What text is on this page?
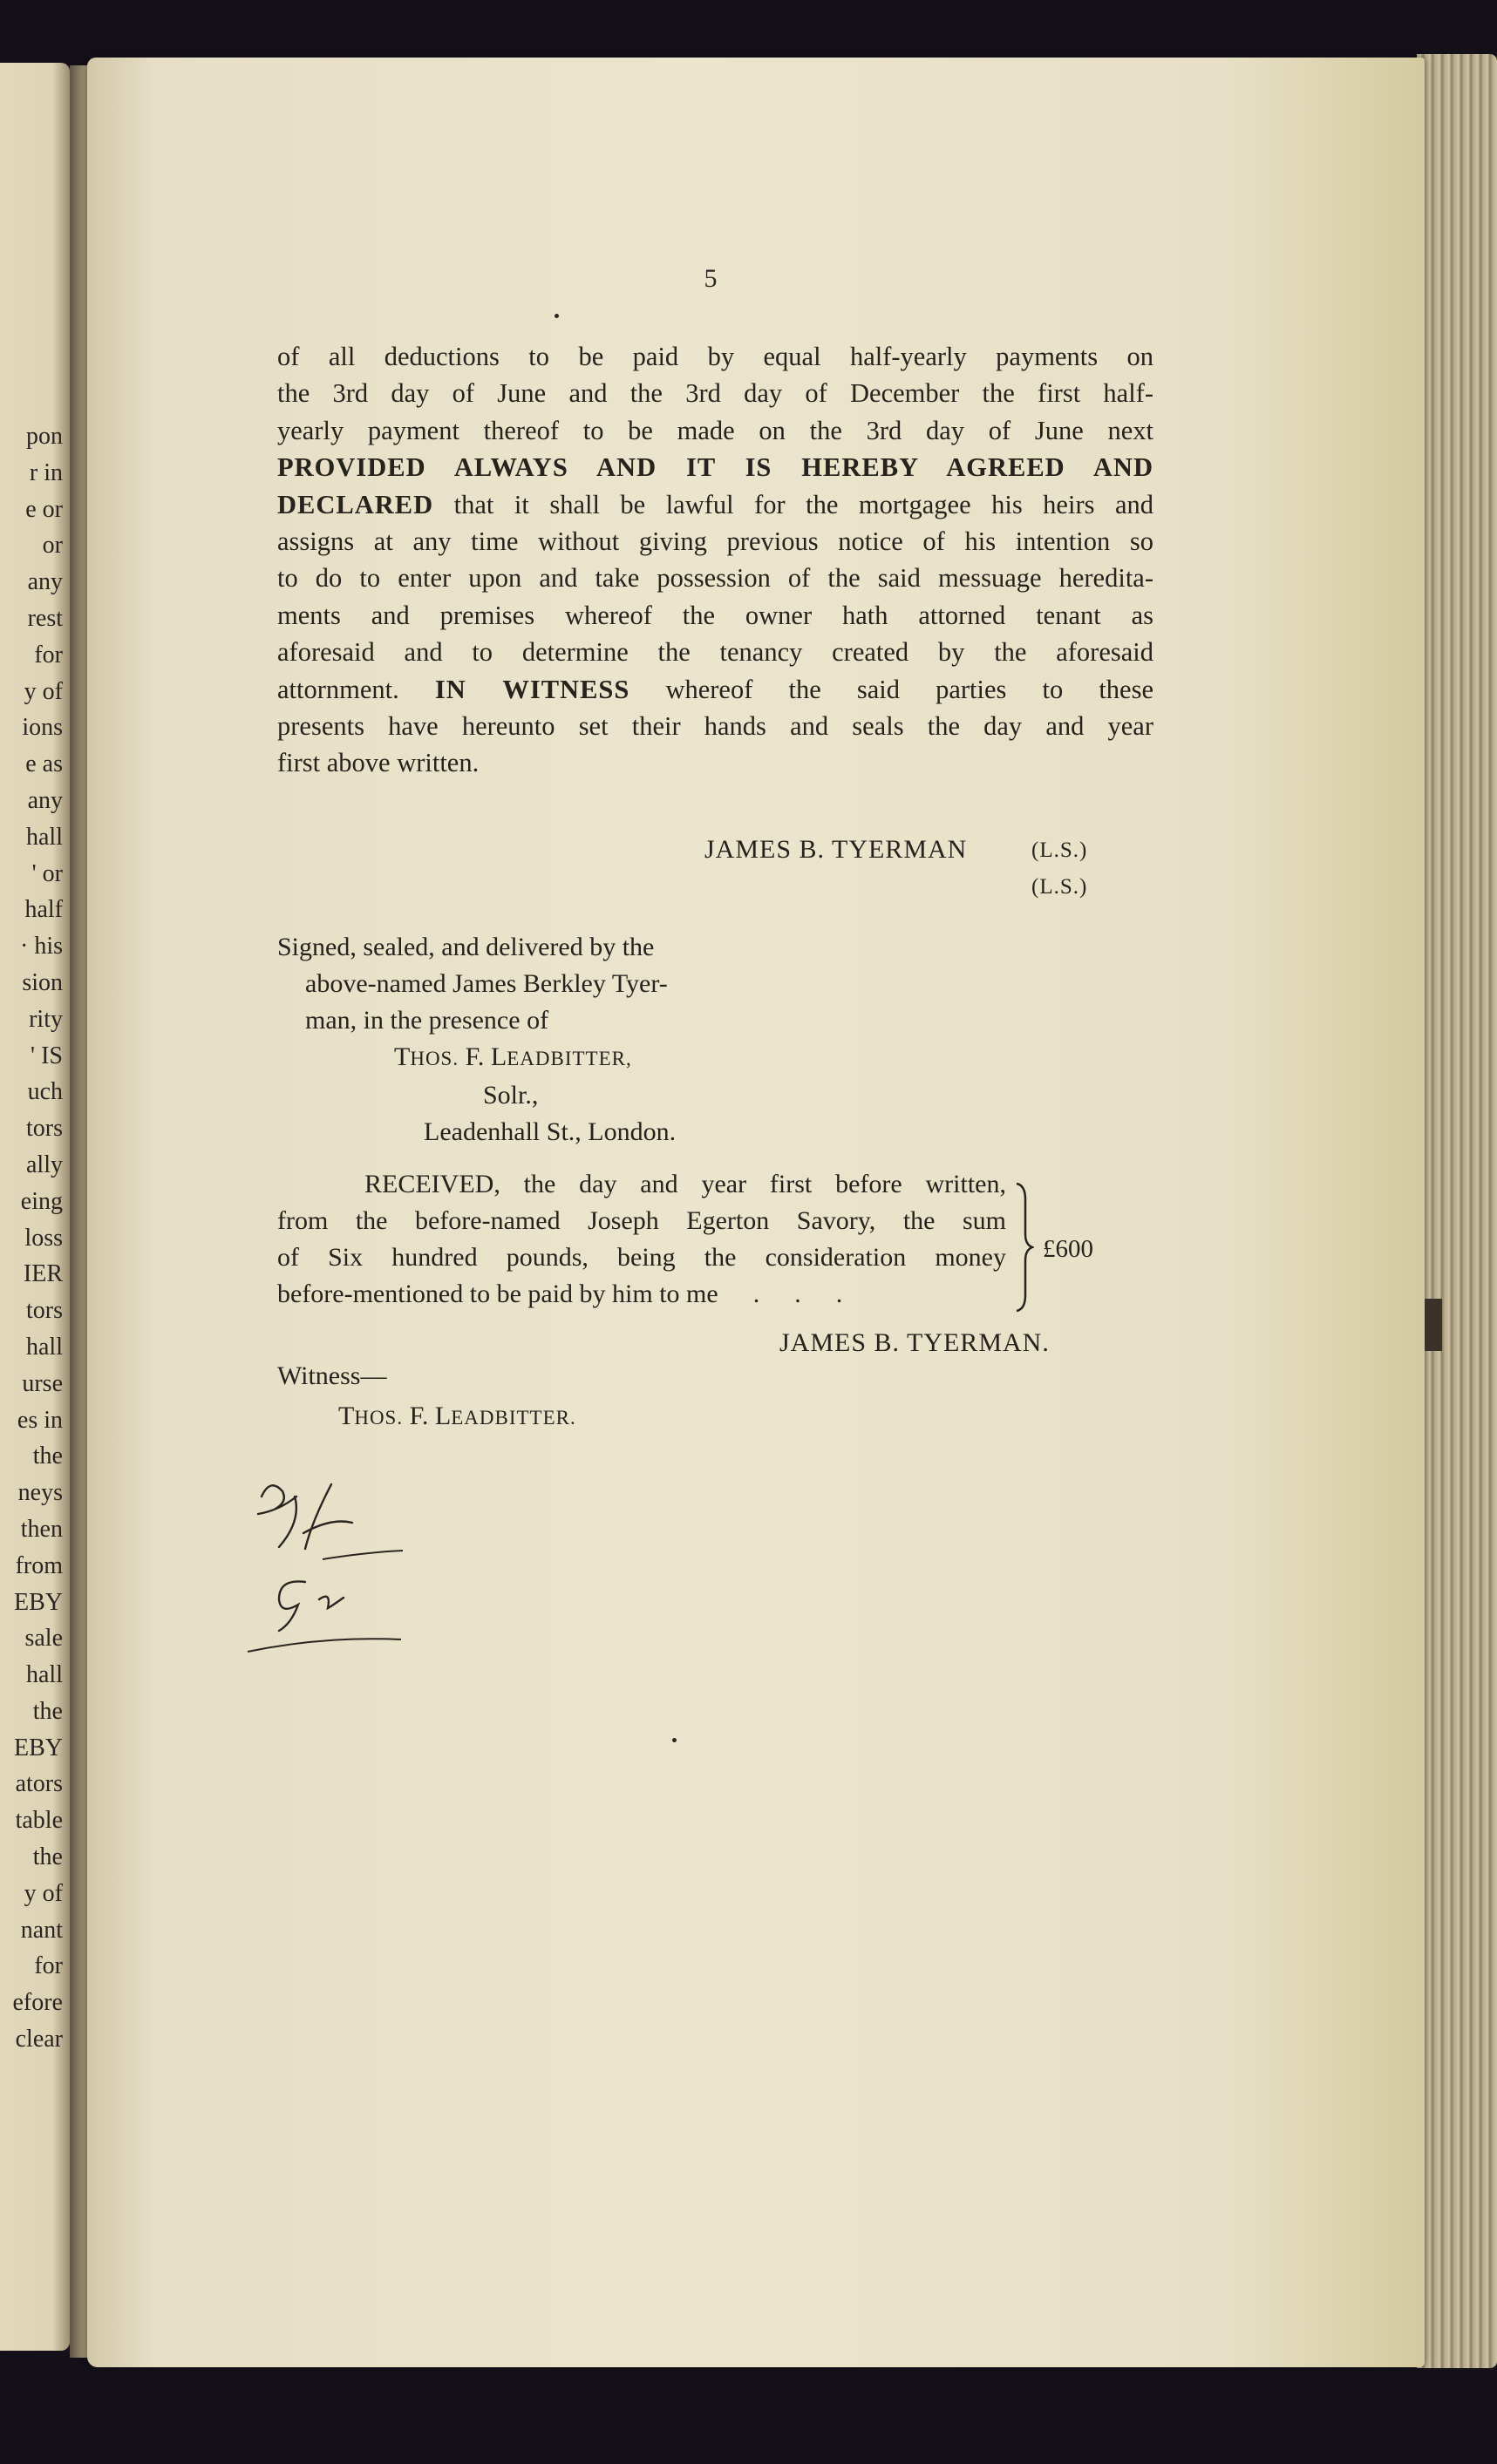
pon
r in
e or
or
any
rest
for
y of
ions
e as
any
hall
' or
half
· his
sion
rity
' IS
uch
tors
ally
eing
loss
IER
tors
hall
urse
es in
the
neys
then
from
EBY
sale
hall
the
EBY
ators
table
the
y of
nant
for
efore
clear
5
of all deductions to be paid by equal half-yearly payments on
the 3rd day of June and the 3rd day of December the first half-
yearly payment thereof to be made on the 3rd day of June next
PROVIDED ALWAYS AND IT IS HEREBY AGREED AND
DECLARED that it shall be lawful for the mortgagee his heirs and
assigns at any time without giving previous notice of his intention so
to do to enter upon and take possession of the said messuage heredita-
ments and premises whereof the owner hath attorned tenant as
aforesaid and to determine the tenancy created by the aforesaid
attornment. IN WITNESS whereof the said parties to these
presents have hereunto set their hands and seals the day and year
first above written.
JAMES B. TYERMAN	(L.S.)
(L.S.)
Signed, sealed, and delivered by the
above-named James Berkley Tyer-
man, in the presence of
THOS. F. LEADBITTER,
Solr.,
Leadenhall St., London.
RECEIVED, the day and year first before written,
from the before-named Joseph Egerton Savory, the sum
of Six hundred pounds, being the consideration money
before-mentioned to be paid by him to me ...
£600
JAMES B. TYERMAN.
Witness—
THOS. F. LEADBITTER.
